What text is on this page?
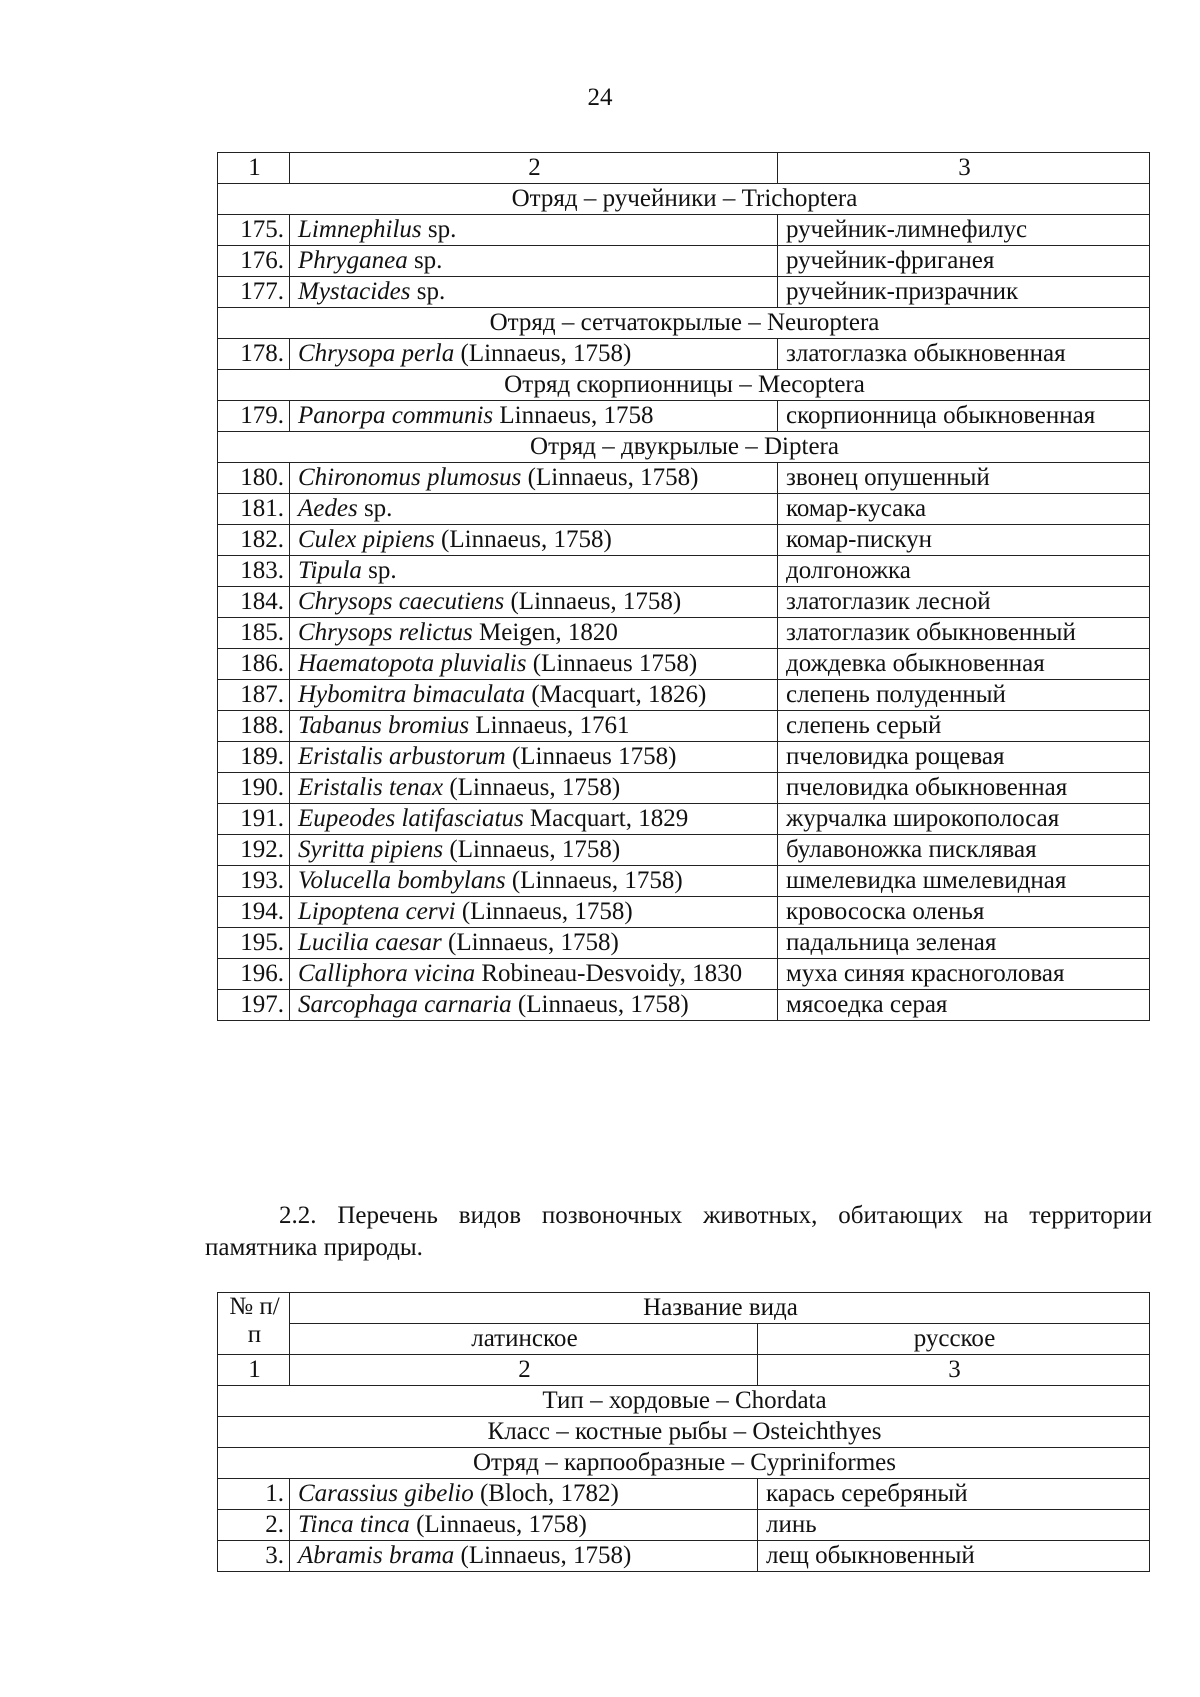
24
1	2	3
Отряд – ручейники – Trichoptera		
175.	Limnephilus sp.	ручейник-лимнефилус
176.	Phryganea sp.	ручейник-фриганея
177.	Mystacides sp.	ручейник-призрачник
Отряд – сетчатокрылые – Neuroptera		
178.	Chrysopa perla (Linnaeus, 1758)	златоглазка обыкновенная
Отряд скорпионницы – Mecoptera		
179.	Panorpa communis Linnaeus, 1758	скорпионница обыкновенная
Отряд – двукрылые – Diptera		
180.	Chironomus plumosus (Linnaeus, 1758)	звонец опушенный
181.	Aedes sp.	комар-кусака
182.	Culex pipiens (Linnaeus, 1758)	комар-пискун
183.	Tipula sp.	долгоножка
184.	Chrysops caecutiens (Linnaeus, 1758)	златоглазик лесной
185.	Chrysops relictus Meigen, 1820	златоглазик обыкновенный
186.	Haematopota pluvialis (Linnaeus 1758)	дождевка обыкновенная
187.	Hybomitra bimaculata (Macquart, 1826)	слепень полуденный
188.	Tabanus bromius Linnaeus, 1761	слепень серый
189.	Eristalis arbustorum (Linnaeus 1758)	пчеловидка рощевая
190.	Eristalis tenax (Linnaeus, 1758)	пчеловидка обыкновенная
191.	Eupeodes latifasciatus Macquart, 1829	журчалка широкополосая
192.	Syritta pipiens (Linnaeus, 1758)	булавоножка писклявая
193.	Volucella bombylans (Linnaeus, 1758)	шмелевидка шмелевидная
194.	Lipoptena cervi (Linnaeus, 1758)	кровососка оленья
195.	Lucilia caesar (Linnaeus, 1758)	падальница зеленая
196.	Calliphora vicina Robineau-Desvoidy, 1830	муха синяя красноголовая
197.	Sarcophaga carnaria (Linnaeus, 1758)	мясоедка серая
2.2. Перечень видов позвоночных животных, обитающих на территории
памятника природы.
№ п/п	Название вида	
	латинское	русское
1	2	3
Тип – хордовые – Chordata		
Класс – костные рыбы – Osteichthyes		
Отряд – карпообразные – Cypriniformes		
1.	Carassius gibelio (Bloch, 1782)	карась серебряный
2.	Tinca tinca (Linnaeus, 1758)	линь
3.	Abramis brama (Linnaeus, 1758)	лещ обыкновенный
